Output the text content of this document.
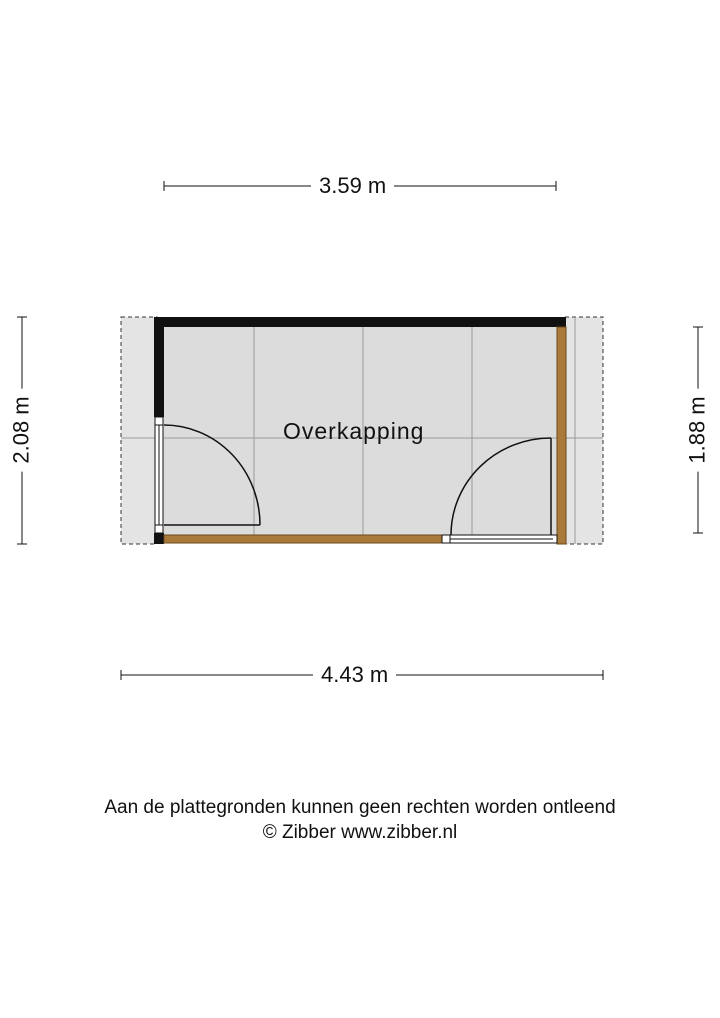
3.59 m
4.43 m
2.08 m	1.88 m
Overkapping
Aan de plattegronden kunnen geen rechten worden ontleend
© Zibber www.zibber.nl
